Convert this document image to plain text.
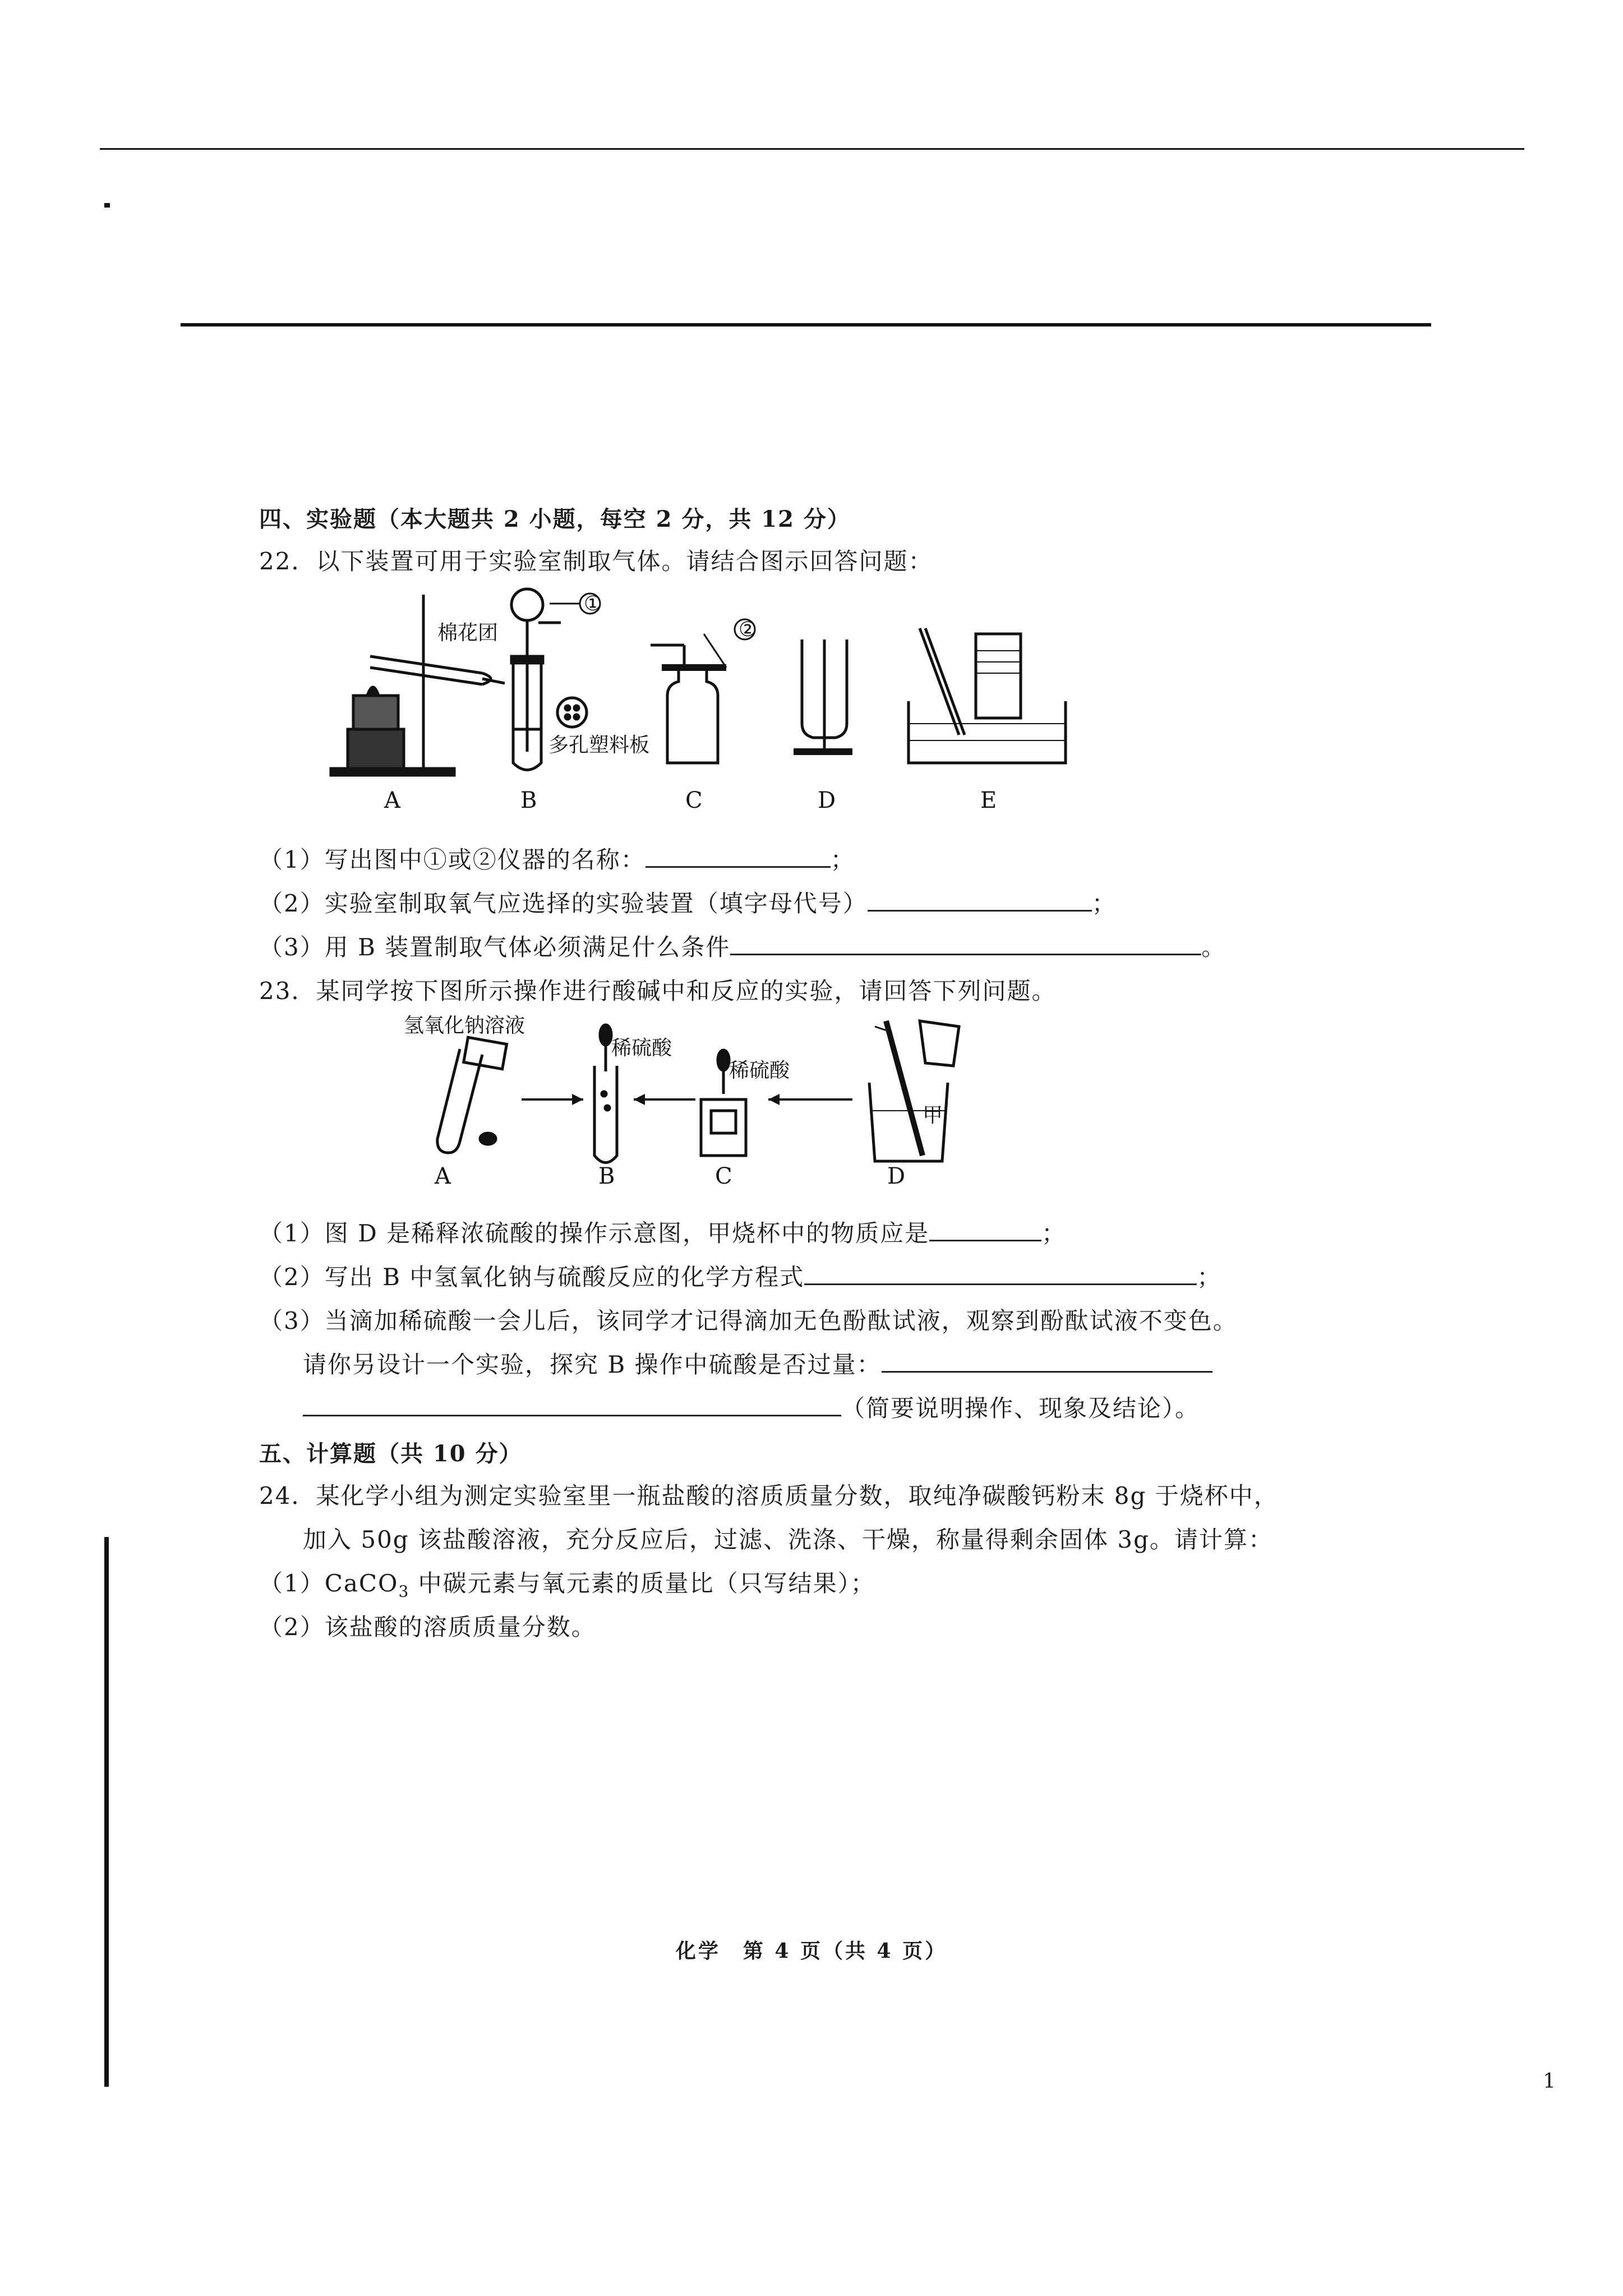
四、实验题（本大题共 2 小题，每空 2 分，共 12 分）
22．以下装置可用于实验室制取气体。请结合图示回答问题：
棉花团
A
①
多孔塑料板
B
②
C	D	E
（1）写出图中①或②仪器的名称：	；
（2）实验室制取氧气应选择的实验装置（填字母代号）	；
（3）用 B 装置制取气体必须满足什么条件	。
23．某同学按下图所示操作进行酸碱中和反应的实验，请回答下列问题。
氢氧化钠溶液
稀硫酸
稀硫酸
甲
A	B	C	D
（1）图 D 是稀释浓硫酸的操作示意图，甲烧杯中的物质应是	；
（2）写出 B 中氢氧化钠与硫酸反应的化学方程式	；
（3）当滴加稀硫酸一会儿后，该同学才记得滴加无色酚酞试液，观察到酚酞试液不变色。
请你另设计一个实验，探究 B 操作中硫酸是否过量：
（简要说明操作、现象及结论）。
五、计算题（共 10 分）
24．某化学小组为测定实验室里一瓶盐酸的溶质质量分数，取纯净碳酸钙粉末 8g 于烧杯中，
加入 50g 该盐酸溶液，充分反应后，过滤、洗涤、干燥，称量得剩余固体 3g。请计算：
（1）CaCO$_3$ 中碳元素与氧元素的质量比（只写结果）；
（2）该盐酸的溶质质量分数。
化学　第 4 页（共 4 页）
1
